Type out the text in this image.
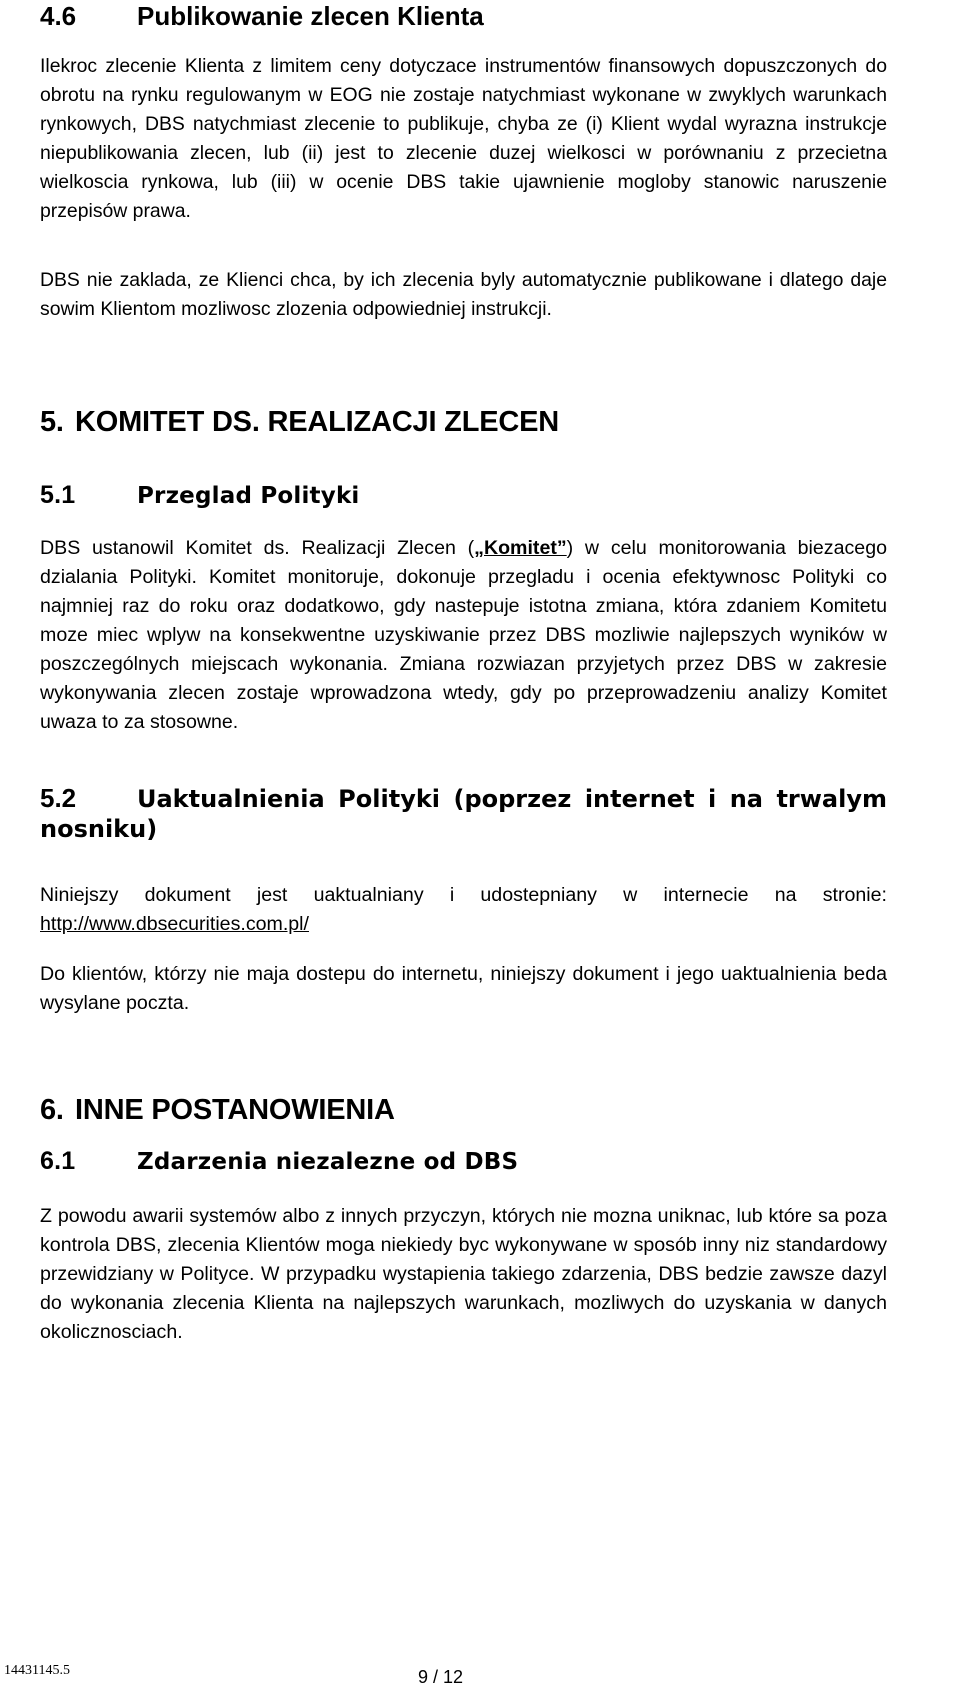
4.6 Publikowanie zlecen Klienta
Ilekroc zlecenie Klienta z limitem ceny dotyczace instrumentów finansowych dopuszczonych do obrotu na rynku regulowanym w EOG nie zostaje natychmiast wykonane w zwyklych warunkach rynkowych, DBS natychmiast zlecenie to publikuje, chyba ze (i) Klient wydal wyrazna instrukcje niepublikowania zlecen, lub (ii) jest to zlecenie duzej wielkosci w porównaniu z przecietna wielkoscia rynkowa, lub (iii) w ocenie DBS takie ujawnienie mogloby stanowic naruszenie przepisów prawa.
DBS nie zaklada, ze Klienci chca, by ich zlecenia byly automatycznie publikowane i dlatego daje sowim Klientom mozliwosc zlozenia odpowiedniej instrukcji.
5. KOMITET DS. REALIZACJI ZLECEN
5.1	Przeglad Polityki
DBS ustanowil Komitet ds. Realizacji Zlecen („Komitet”) w celu monitorowania biezacego dzialania Polityki. Komitet monitoruje, dokonuje przegladu i ocenia efektywnosc Polityki co najmniej raz do roku oraz dodatkowo, gdy nastepuje istotna zmiana, która zdaniem Komitetu moze miec wplyw na konsekwentne uzyskiwanie przez DBS mozliwie najlepszych wyników w poszczególnych miejscach wykonania. Zmiana rozwiazan przyjetych przez DBS w zakresie wykonywania zlecen zostaje wprowadzona wtedy, gdy po przeprowadzeniu analizy Komitet uwaza to za stosowne.
5.2	Uaktualnienia Polityki (poprzez internet i na trwalym nosniku)
Niniejszy dokument jest uaktualniany i udostepniany w internecie na stronie: http://www.dbsecurities.com.pl/
Do klientów, którzy nie maja dostepu do internetu, niniejszy dokument i jego uaktualnienia beda wysylane poczta.
6. INNE POSTANOWIENIA
6.1	Zdarzenia niezalezne od DBS
Z powodu awarii systemów albo z innych przyczyn, których nie mozna uniknac, lub które sa poza kontrola DBS, zlecenia Klientów moga niekiedy byc wykonywane w sposób inny niz standardowy przewidziany w Polityce. W przypadku wystapienia takiego zdarzenia, DBS bedzie zawsze dazyl do wykonania zlecenia Klienta na najlepszych warunkach, mozliwych do uzyskania w danych okolicznosciach.
14431145.5	9 / 12
